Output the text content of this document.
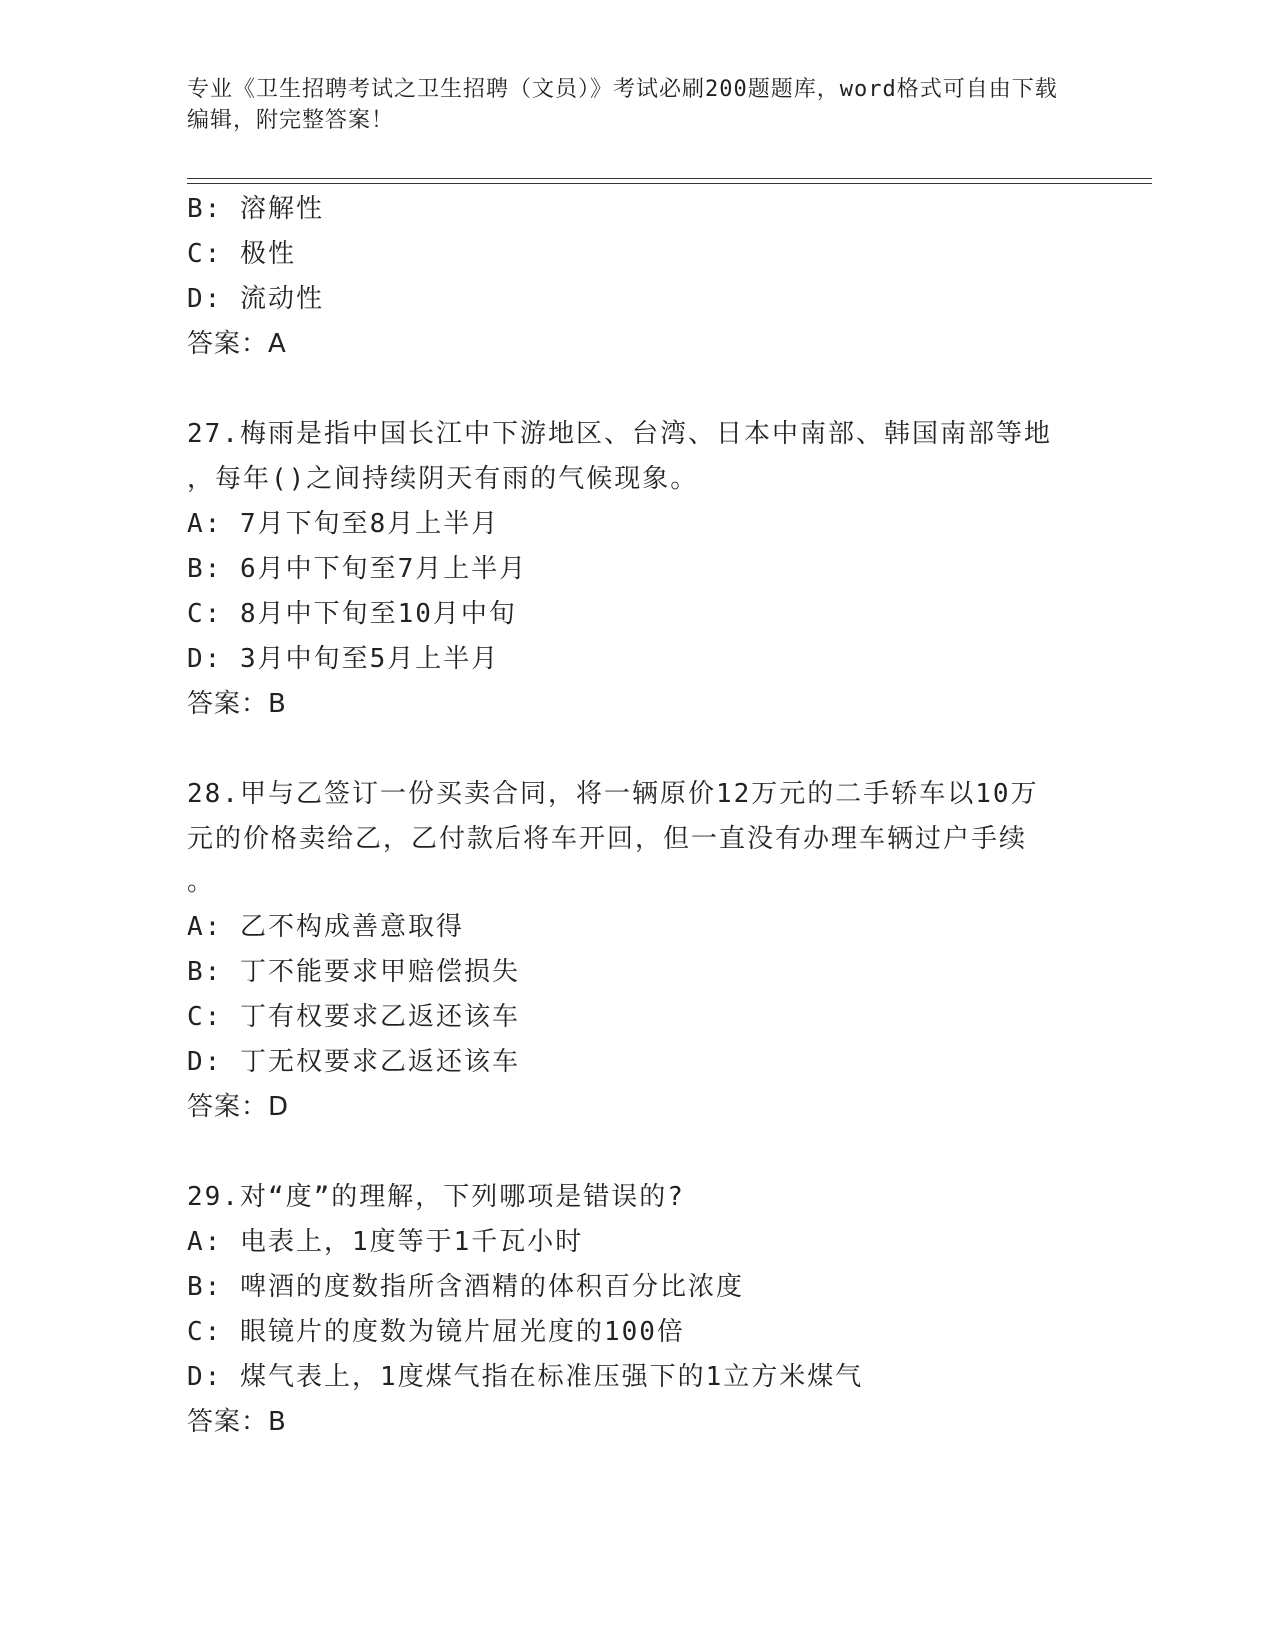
专业《卫生招聘考试之卫生招聘（文员）》考试必刷200题题库，word格式可自由下载编辑，附完整答案！
B: 溶解性
C: 极性
D: 流动性
答案：A
27.梅雨是指中国长江中下游地区、台湾、日本中南部、韩国南部等地
，每年()之间持续阴天有雨的气候现象。
A: 7月下旬至8月上半月
B: 6月中下旬至7月上半月
C: 8月中下旬至10月中旬
D: 3月中旬至5月上半月
答案：B
28.甲与乙签订一份买卖合同，将一辆原价12万元的二手轿车以10万
元的价格卖给乙，乙付款后将车开回，但一直没有办理车辆过户手续
。
A: 乙不构成善意取得
B: 丁不能要求甲赔偿损失
C: 丁有权要求乙返还该车
D: 丁无权要求乙返还该车
答案：D
29.对“度”的理解，下列哪项是错误的?
A: 电表上，1度等于1千瓦小时
B: 啤酒的度数指所含酒精的体积百分比浓度
C: 眼镜片的度数为镜片屈光度的100倍
D: 煤气表上，1度煤气指在标准压强下的1立方米煤气
答案：B
